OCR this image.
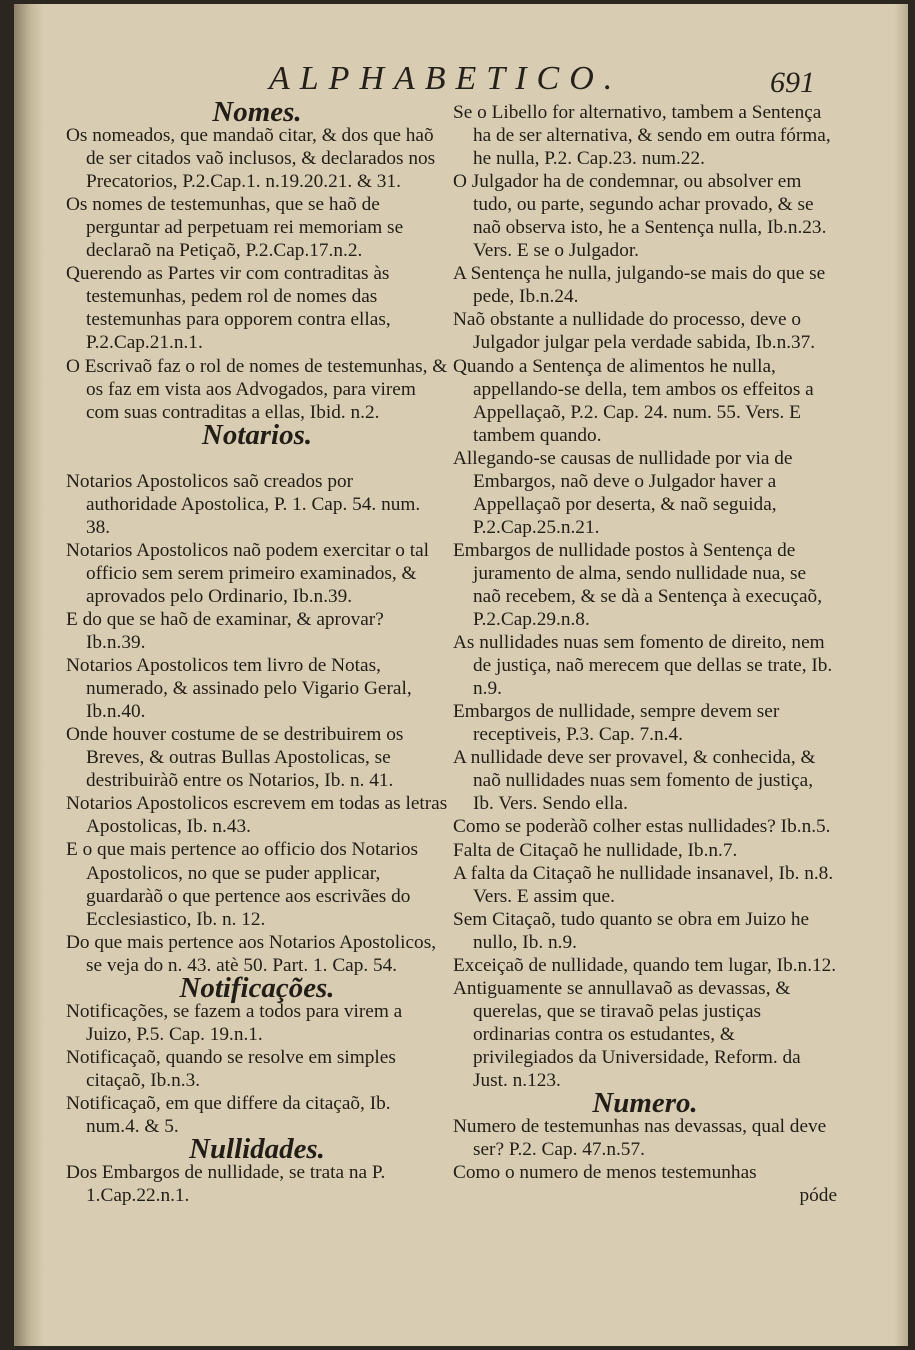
ALPHABETICO.	691
Nomes.

Os nomeados, que mandaõ citar, & dos que haõ de ser citados vaõ inclusos, & declarados nos Precatorios, P.2.Cap.1. n.19.20.21. & 31.

Os nomes de testemunhas, que se haõ de perguntar ad perpetuam rei memoriam se declaraõ na Petiçaõ, P.2.Cap.17.n.2.

Querendo as Partes vir com contraditas às testemunhas, pedem rol de nomes das testemunhas para opporem contra ellas, P.2.Cap.21.n.1.

O Escrivaõ faz o rol de nomes de testemunhas, & os faz em vista aos Advogados, para virem com suas contraditas a ellas, Ibid. n.2.

Notarios.

Notarios Apostolicos saõ creados por authoridade Apostolica, P. 1. Cap. 54. num. 38.

Notarios Apostolicos naõ podem exercitar o tal officio sem serem primeiro examinados, & aprovados pelo Ordinario, Ib.n.39.

E do que se haõ de examinar, & aprovar? Ib.n.39.

Notarios Apostolicos tem livro de Notas, numerado, & assinado pelo Vigario Geral, Ib.n.40.

Onde houver costume de se destribuirem os Breves, & outras Bullas Apostolicas, se destribuiràõ entre os Notarios, Ib. n. 41.

Notarios Apostolicos escrevem em todas as letras Apostolicas, Ib. n.43.

E o que mais pertence ao officio dos Notarios Apostolicos, no que se puder applicar, guardaràõ o que pertence aos escrivães do Ecclesiastico, Ib. n. 12.

Do que mais pertence aos Notarios Apostolicos, se veja do n. 43. atè 50. Part. 1. Cap. 54.

Notificações.

Notificações, se fazem a todos para virem a Juizo, P.5. Cap. 19.n.1.

Notificaçaõ, quando se resolve em simples citaçaõ, Ib.n.3.

Notificaçaõ, em que differe da citaçaõ, Ib. num.4. & 5.

Nullidades.

Dos Embargos de nullidade, se trata na P. 1.Cap.22.n.1.

Se o Libello for alternativo, tambem a Sentença ha de ser alternativa, & sendo em outra fórma, he nulla, P.2. Cap.23. num.22.

O Julgador ha de condemnar, ou absolver em tudo, ou parte, segundo achar provado, & se naõ observa isto, he a Sentença nulla, Ib.n.23. Vers. E se o Julgador.

A Sentença he nulla, julgando-se mais do que se pede, Ib.n.24.

Naõ obstante a nullidade do processo, deve o Julgador julgar pela verdade sabida, Ib.n.37.

Quando a Sentença de alimentos he nulla, appellando-se della, tem ambos os effeitos a Appellaçaõ, P.2. Cap. 24. num. 55. Vers. E tambem quando.

Allegando-se causas de nullidade por via de Embargos, naõ deve o Julgador haver a Appellaçaõ por deserta, & naõ seguida, P.2.Cap.25.n.21.

Embargos de nullidade postos à Sentença de juramento de alma, sendo nullidade nua, se naõ recebem, & se dà a Sentença à execuçaõ, P.2.Cap.29.n.8.

As nullidades nuas sem fomento de direito, nem de justiça, naõ merecem que dellas se trate, Ib. n.9.

Embargos de nullidade, sempre devem ser receptiveis, P.3. Cap. 7.n.4.

A nullidade deve ser provavel, & conhecida, & naõ nullidades nuas sem fomento de justiça, Ib. Vers. Sendo ella.

Como se poderàõ colher estas nullidades? Ib.n.5.

Falta de Citaçaõ he nullidade, Ib.n.7.

A falta da Citaçaõ he nullidade insanavel, Ib. n.8. Vers. E assim que.

Sem Citaçaõ, tudo quanto se obra em Juizo he nullo, Ib. n.9.

Exceiçaõ de nullidade, quando tem lugar, Ib.n.12.

Antiguamente se annullavaõ as devassas, & querelas, que se tiravaõ pelas justiças ordinarias contra os estudantes, & privilegiados da Universidade, Reform. da Just. n.123.

Numero.

Numero de testemunhas nas devassas, qual deve ser? P.2. Cap. 47.n.57.

Como o numero de menos testemunhas

póde
